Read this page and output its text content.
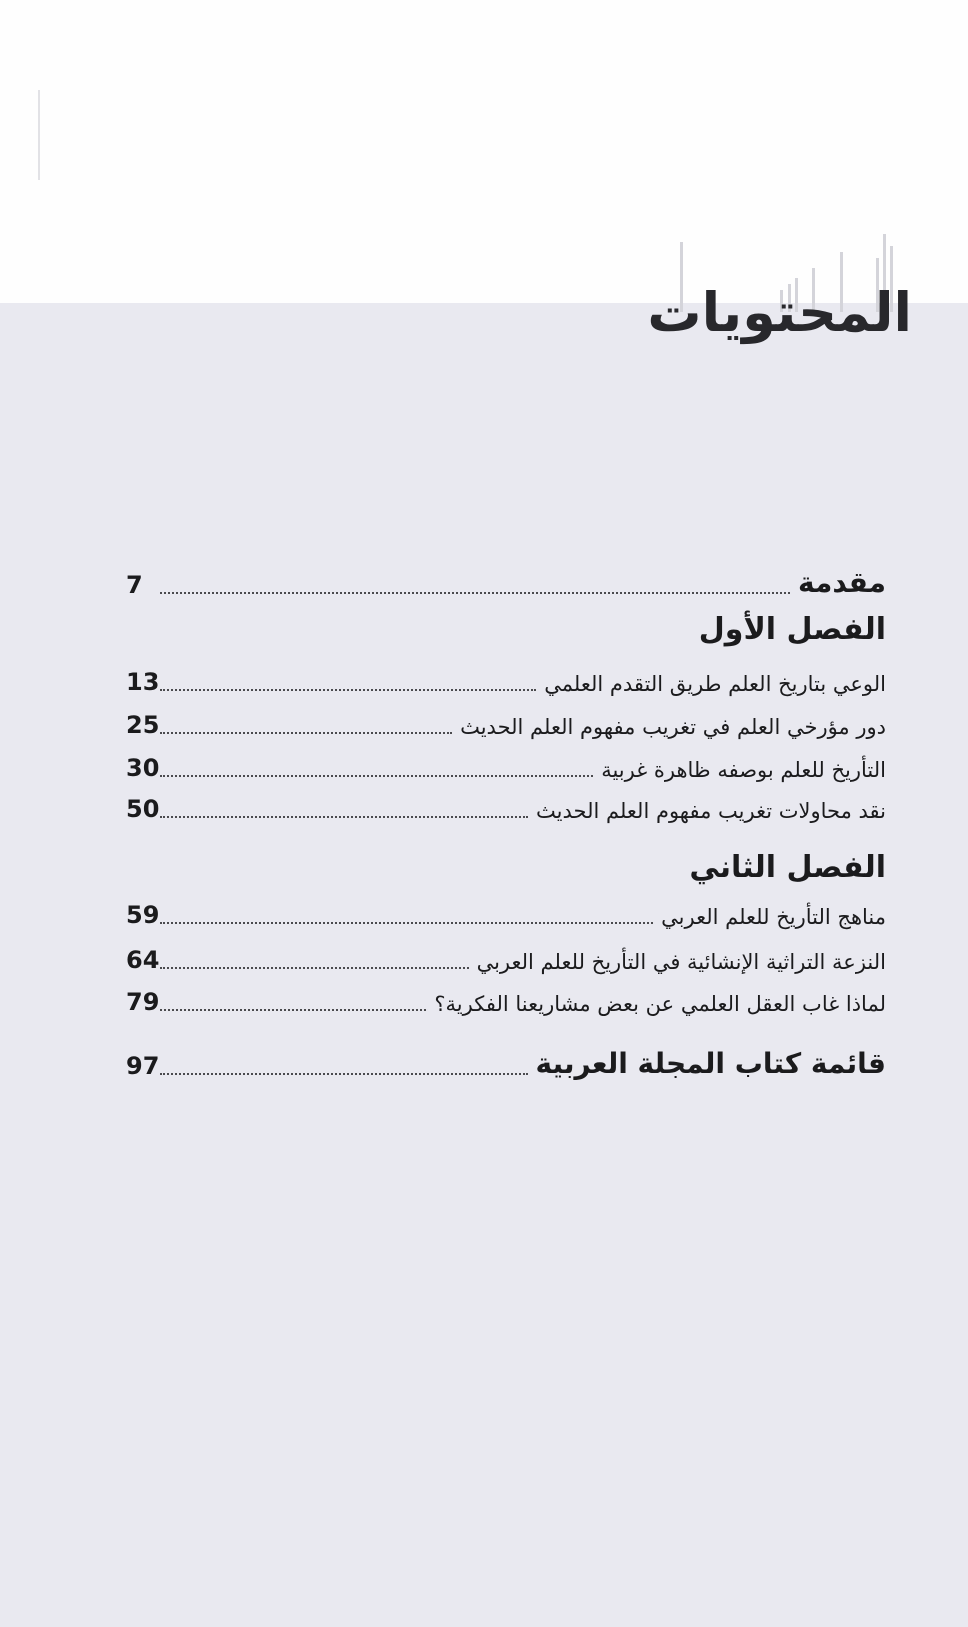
المحتويات
مقدمة
7
الفصل الأول
الوعي بتاريخ العلم طريق التقدم العلمي
13
دور مؤرخي العلم في تغريب مفهوم العلم الحديث
25
التأريخ للعلم بوصفه ظاهرة غربية
30
نقد محاولات تغريب مفهوم العلم الحديث
50
الفصل الثاني
مناهج التأريخ للعلم العربي
59
النزعة التراثية الإنشائية في التأريخ للعلم العربي
64
لماذا غاب العقل العلمي عن بعض مشاريعنا الفكرية؟
79
قائمة كتاب المجلة العربية
97
